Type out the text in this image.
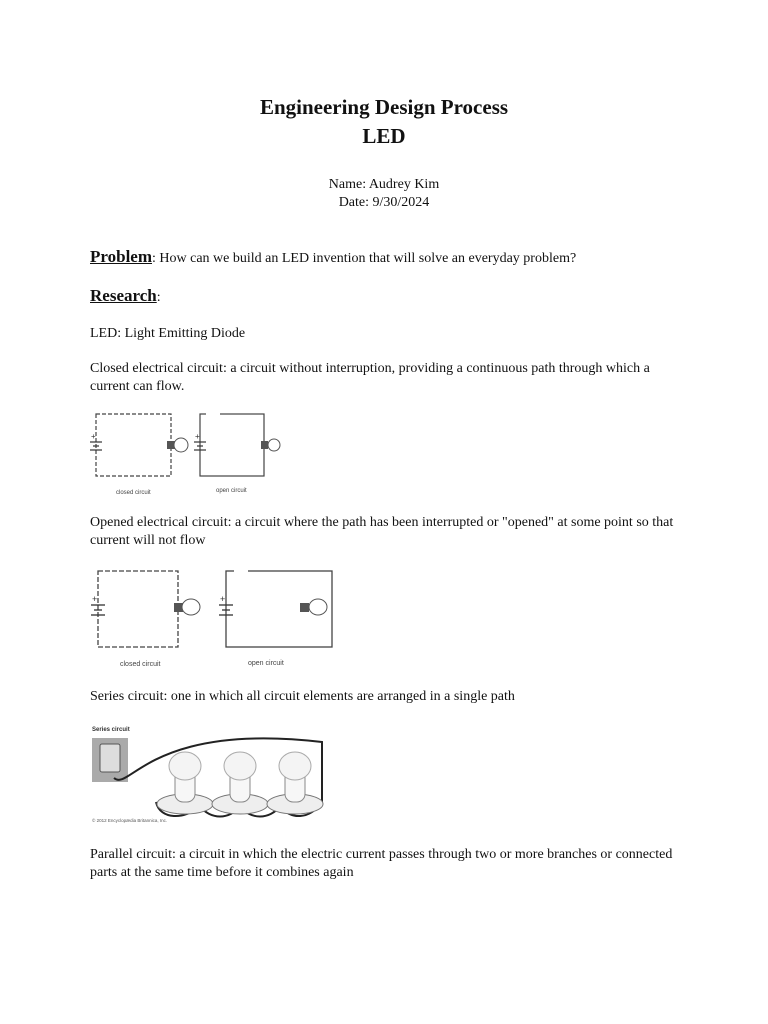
Engineering Design Process
LED
Name: Audrey Kim
Date: 9/30/2024
Problem: How can we build an LED invention that will solve an everyday problem?
Research:
LED: Light Emitting Diode
Closed electrical circuit: a circuit without interruption, providing a continuous path through which a current can flow.
+	+
closed circuit	open circuit
Opened electrical circuit: a circuit where the path has been interrupted or "opened" at some point so that current will not flow
+	+
closed circuit	open circuit
Series circuit: one in which all circuit elements are arranged in a single path
Series circuit
© 2012 Encyclopædia Britannica, Inc.
Parallel circuit: a circuit in which the electric current passes through two or more branches or connected parts at the same time before it combines again
